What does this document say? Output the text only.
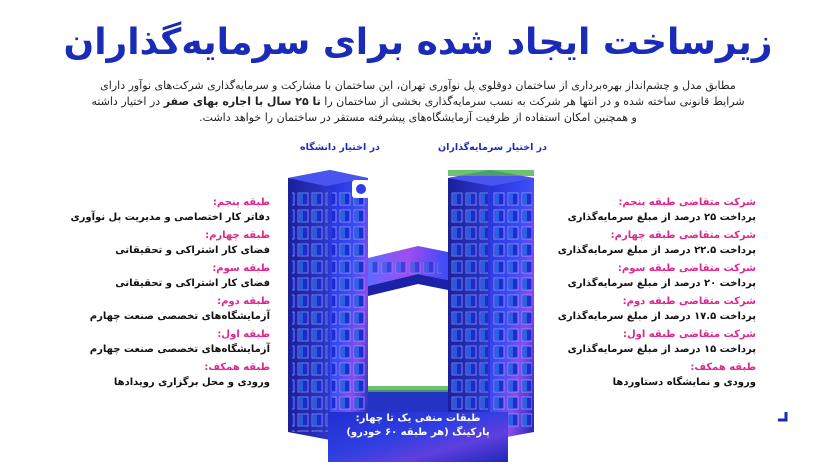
زیرساخت ایجاد شده برای سرمایه‌گذاران

مطابق مدل و چشم‌انداز بهره‌برداری از ساختمان دوقلوی پل نوآوری تهران، این ساختمان با مشارکت و سرمایه‌گذاری شرکت‌های نوآور دارای شرایط قانونی ساخته شده و در انتها هر شرکت به نسب سرمایه‌گذاری بخشی از ساختمان را تا ۲۵ سال با اجاره بهای صفر در اختیار داشته و همچنین امکان استفاده از ظرفیت آزمایشگاه‌های پیشرفته مستقر در ساختمان را خواهد داشت.

در اختیار دانشگاه	در اختیار سرمایه‌گذاران
طبقه پنجم:
دفاتر کار اختصاصی و مدیریت پل نوآوری
طبقه چهارم:
فضای کار اشتراکی و تحقیقاتی
طبقه سوم:
فضای کار اشتراکی و تحقیقاتی
طبقه دوم:
آزمایشگاه‌های تخصصی صنعت چهارم
طبقه اول:
آزمایشگاه‌های تخصصی صنعت چهارم
طبقه همکف:
ورودی و محل برگزاری رویدادها
شرکت متقاضی طبقه پنجم:
پرداخت ۲۵ درصد از مبلغ سرمایه‌گذاری
شرکت متقاضی طبقه چهارم:
پرداخت ۲۲.۵ درصد از مبلغ سرمایه‌گذاری
شرکت متقاضی طبقه سوم:
پرداخت ۲۰ درصد از مبلغ سرمایه‌گذاری
شرکت متقاضی طبقه دوم:
پرداخت ۱۷.۵ درصد از مبلغ سرمایه‌گذاری
شرکت متقاضی طبقه اول:
پرداخت ۱۵ درصد از مبلغ سرمایه‌گذاری
طبقه همکف:
ورودی و نمایشگاه دستاوردها
طبقات منفی یک تا چهار:
پارکینگ (هر طبقه ۶۰ خودرو)
